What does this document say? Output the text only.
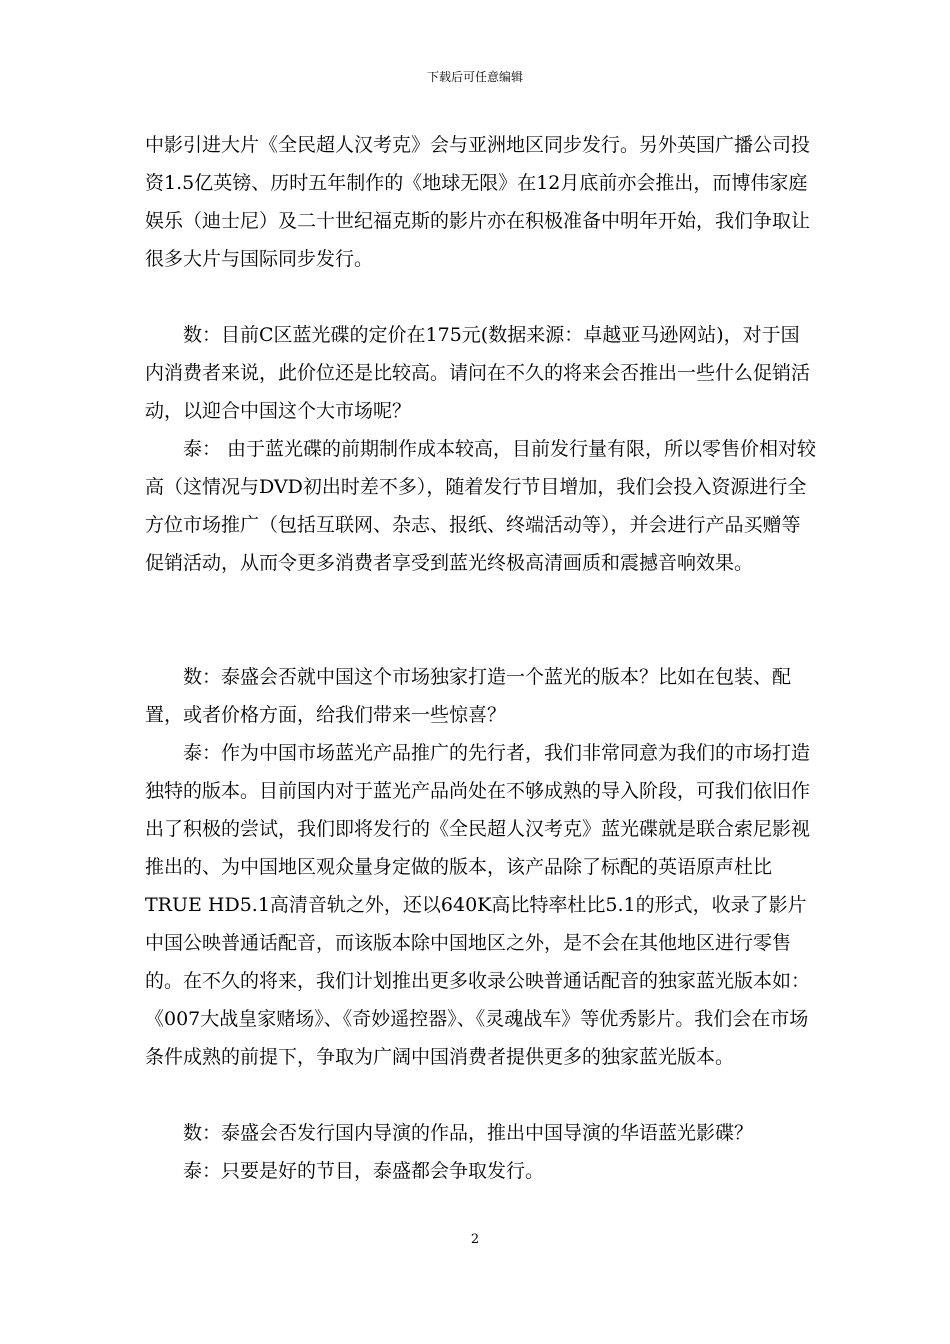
下载后可任意编辑

中影引进大片《全民超人汉考克》会与亚洲地区同步发行。另外英国广播公司投资1.5亿英镑、历时五年制作的《地球无限》在12月底前亦会推出，而博伟家庭娱乐（迪士尼）及二十世纪福克斯的影片亦在积极准备中明年开始，我们争取让很多大片与国际同步发行。

数：目前C区蓝光碟的定价在175元(数据来源：卓越亚马逊网站)，对于国内消费者来说，此价位还是比较高。请问在不久的将来会否推出一些什么促销活动，以迎合中国这个大市场呢？

泰： 由于蓝光碟的前期制作成本较高，目前发行量有限，所以零售价相对较高（这情况与DVD初出时差不多），随着发行节目增加，我们会投入资源进行全方位市场推广（包括互联网、杂志、报纸、终端活动等），并会进行产品买赠等促销活动，从而令更多消费者享受到蓝光终极高清画质和震撼音响效果。

数：泰盛会否就中国这个市场独家打造一个蓝光的版本？比如在包装、配置，或者价格方面，给我们带来一些惊喜？

泰：作为中国市场蓝光产品推广的先行者，我们非常同意为我们的市场打造独特的版本。目前国内对于蓝光产品尚处在不够成熟的导入阶段，可我们依旧作出了积极的尝试，我们即将发行的《全民超人汉考克》蓝光碟就是联合索尼影视推出的、为中国地区观众量身定做的版本，该产品除了标配的英语原声杜比TRUE HD5.1高清音轨之外，还以640K高比特率杜比5.1的形式，收录了影片中国公映普通话配音，而该版本除中国地区之外，是不会在其他地区进行零售的。在不久的将来，我们计划推出更多收录公映普通话配音的独家蓝光版本如：《007大战皇家赌场》、《奇妙遥控器》、《灵魂战车》等优秀影片。我们会在市场条件成熟的前提下，争取为广阔中国消费者提供更多的独家蓝光版本。

数：泰盛会否发行国内导演的作品，推出中国导演的华语蓝光影碟？

泰：只要是好的节目，泰盛都会争取发行。

2
